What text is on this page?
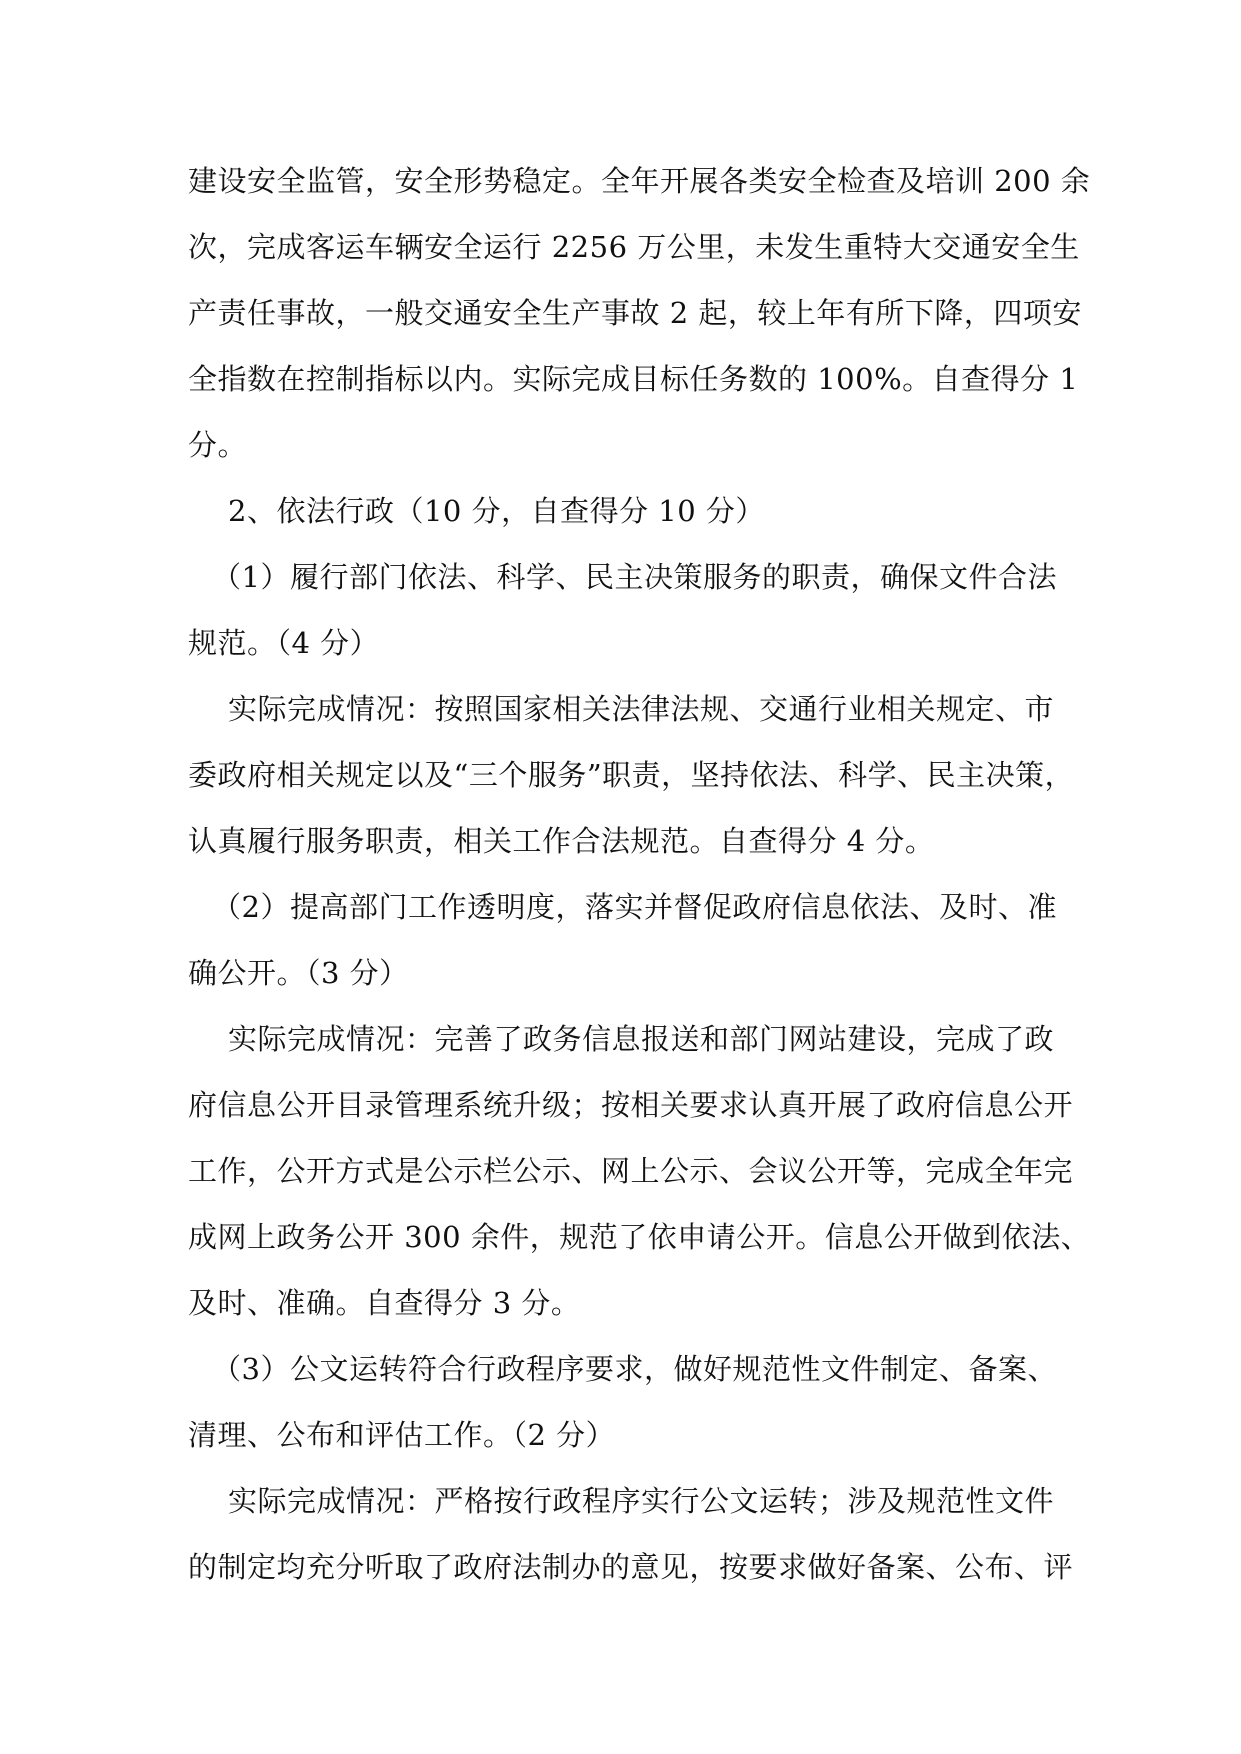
建设安全监管，安全形势稳定。全年开展各类安全检查及培训 200 余
次，完成客运车辆安全运行 2256 万公里，未发生重特大交通安全生
产责任事故，一般交通安全生产事故 2 起，较上年有所下降，四项安
全指数在控制指标以内。实际完成目标任务数的 100%。自查得分 1
分。
2、依法行政（10 分，自查得分 10 分）
（1）履行部门依法、科学、民主决策服务的职责，确保文件合法
规范。（4 分）
实际完成情况：按照国家相关法律法规、交通行业相关规定、市
委政府相关规定以及“三个服务”职责，坚持依法、科学、民主决策，
认真履行服务职责，相关工作合法规范。自查得分 4 分。
（2）提高部门工作透明度，落实并督促政府信息依法、及时、准
确公开。（3 分）
实际完成情况：完善了政务信息报送和部门网站建设，完成了政
府信息公开目录管理系统升级；按相关要求认真开展了政府信息公开
工作，公开方式是公示栏公示、网上公示、会议公开等，完成全年完
成网上政务公开 300 余件，规范了依申请公开。信息公开做到依法、
及时、准确。自查得分 3 分。
（3）公文运转符合行政程序要求，做好规范性文件制定、备案、
清理、公布和评估工作。（2 分）
实际完成情况：严格按行政程序实行公文运转；涉及规范性文件
的制定均充分听取了政府法制办的意见，按要求做好备案、公布、评
